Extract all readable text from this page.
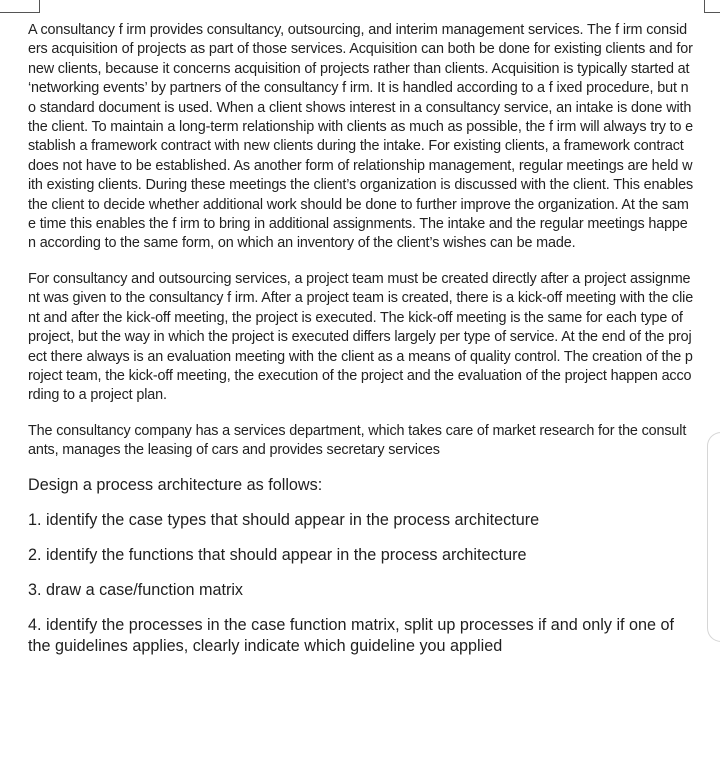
A consultancy f irm provides consultancy, outsourcing, and interim management services. The f irm considers acquisition of projects as part of those services. Acquisition can both be done for existing clients and for new clients, because it concerns acquisition of projects rather than clients. Acquisition is typically started at ‘networking events’ by partners of the consultancy f irm. It is handled according to a f ixed procedure, but no standard document is used. When a client shows interest in a consultancy service, an intake is done with the client. To maintain a long-term relationship with clients as much as possible, the f irm will always try to establish a framework contract with new clients during the intake. For existing clients, a framework contract does not have to be established. As another form of relationship management, regular meetings are held with existing clients. During these meetings the client’s organization is discussed with the client. This enables the client to decide whether additional work should be done to further improve the organization. At the same time this enables the f irm to bring in additional assignments. The intake and the regular meetings happen according to the same form, on which an inventory of the client’s wishes can be made.

For consultancy and outsourcing services, a project team must be created directly after a project assignment was given to the consultancy f irm. After a project team is created, there is a kick-off meeting with the client and after the kick-off meeting, the project is executed. The kick-off meeting is the same for each type of project, but the way in which the project is executed differs largely per type of service. At the end of the project there always is an evaluation meeting with the client as a means of quality control. The creation of the project team, the kick-off meeting, the execution of the project and the evaluation of the project happen according to a project plan.

The consultancy company has a services department, which takes care of market research for the consultants, manages the leasing of cars and provides secretary services

Design a process architecture as follows:

1. identify the case types that should appear in the process architecture

2. identify the functions that should appear in the process architecture

3. draw a case/function matrix

4. identify the processes in the case function matrix, split up processes if and only if one of the guidelines applies, clearly indicate which guideline you applied
